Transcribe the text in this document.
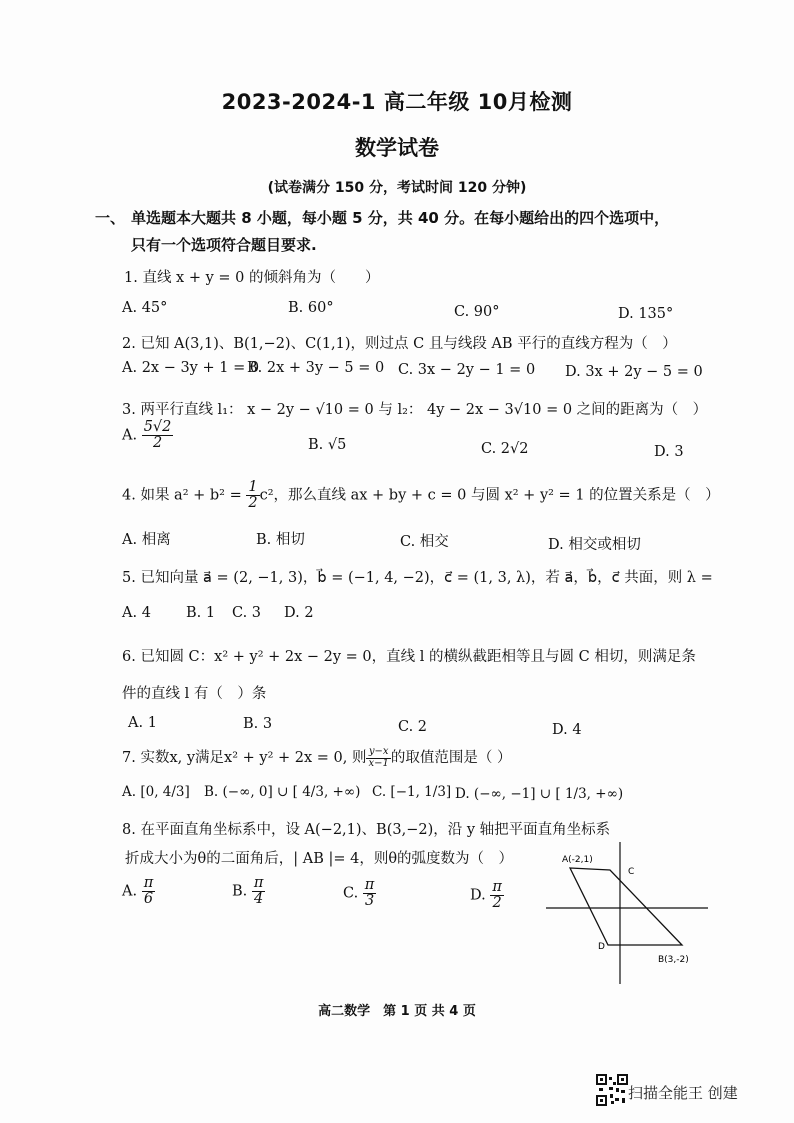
2023-2024-1 高二年级 10月检测
数学试卷
(试卷满分 150 分，考试时间 120 分钟)
一、 单选题本大题共 8 小题，每小题 5 分，共 40 分。在每小题给出的四个选项中，
只有一个选项符合题目要求.
1. 直线 x + y = 0 的倾斜角为（　　）
A. 45°	B. 60°	C. 90°	D. 135°
2. 已知 A(3,1)、B(1,−2)、C(1,1)，则过点 C 且与线段 AB 平行的直线方程为（　）
A. 2x − 3y + 1 = 0
B. 2x + 3y − 5 = 0 C. 3x − 2y − 1 = 0 D. 3x + 2y − 5 = 0
3. 两平行直线 l₁： x − 2y − √10 = 0 与 l₂： 4y − 2x − 3√10 = 0 之间的距离为（　）
A. $\frac{5√2}{2}$	B. √5	C. 2√2	D. 3
4. 如果 $a^2 + b^2 = \frac{1}{2} c^2$，那么直线 ax + by + c = 0 与圆 x² + y² = 1 的位置关系是（　）
A. 相离	B. 相切	C. 相交	D. 相交或相切
5. 已知向量 a⃗ = (2, −1, 3)，b⃗ = (−1, 4, −2)，c⃗ = (1, 3, λ)，若 a⃗，b⃗，c⃗ 共面，则 λ =
A. 4 B. 1 C. 3 D. 2
6. 已知圆 C：x² + y² + 2x − 2y = 0，直线 l 的横纵截距相等且与圆 C 相切，则满足条
件的直线 l 有（　）条
A. 1	B. 3	C. 2	D. 4
7. 实数x, y满足x² + y² + 2x = 0, 则 $\frac{y-x}{x-1}$ 的取值范围是（ ）
A. [0, 4/3] B. (−∞, 0] ∪ [ 4/3, +∞) C. [−1, 1/3] D. (−∞, −1] ∪ [ 1/3, +∞)
8. 在平面直角坐标系中，设 A(−2,1)、B(3,−2)，沿 y 轴把平面直角坐标系
折成大小为θ的二面角后，| AB |= 4，则θ的弧度数为（　）
A. $\frac{\pi}{6}$	B. $\frac{\pi}{4}$	C. $\frac{\pi}{3}$	D. $\frac{\pi}{2}$
A(-2,1)
C
D
B(3,-2)
高二数学　第 1 页 共 4 页
扫描全能王 创建
